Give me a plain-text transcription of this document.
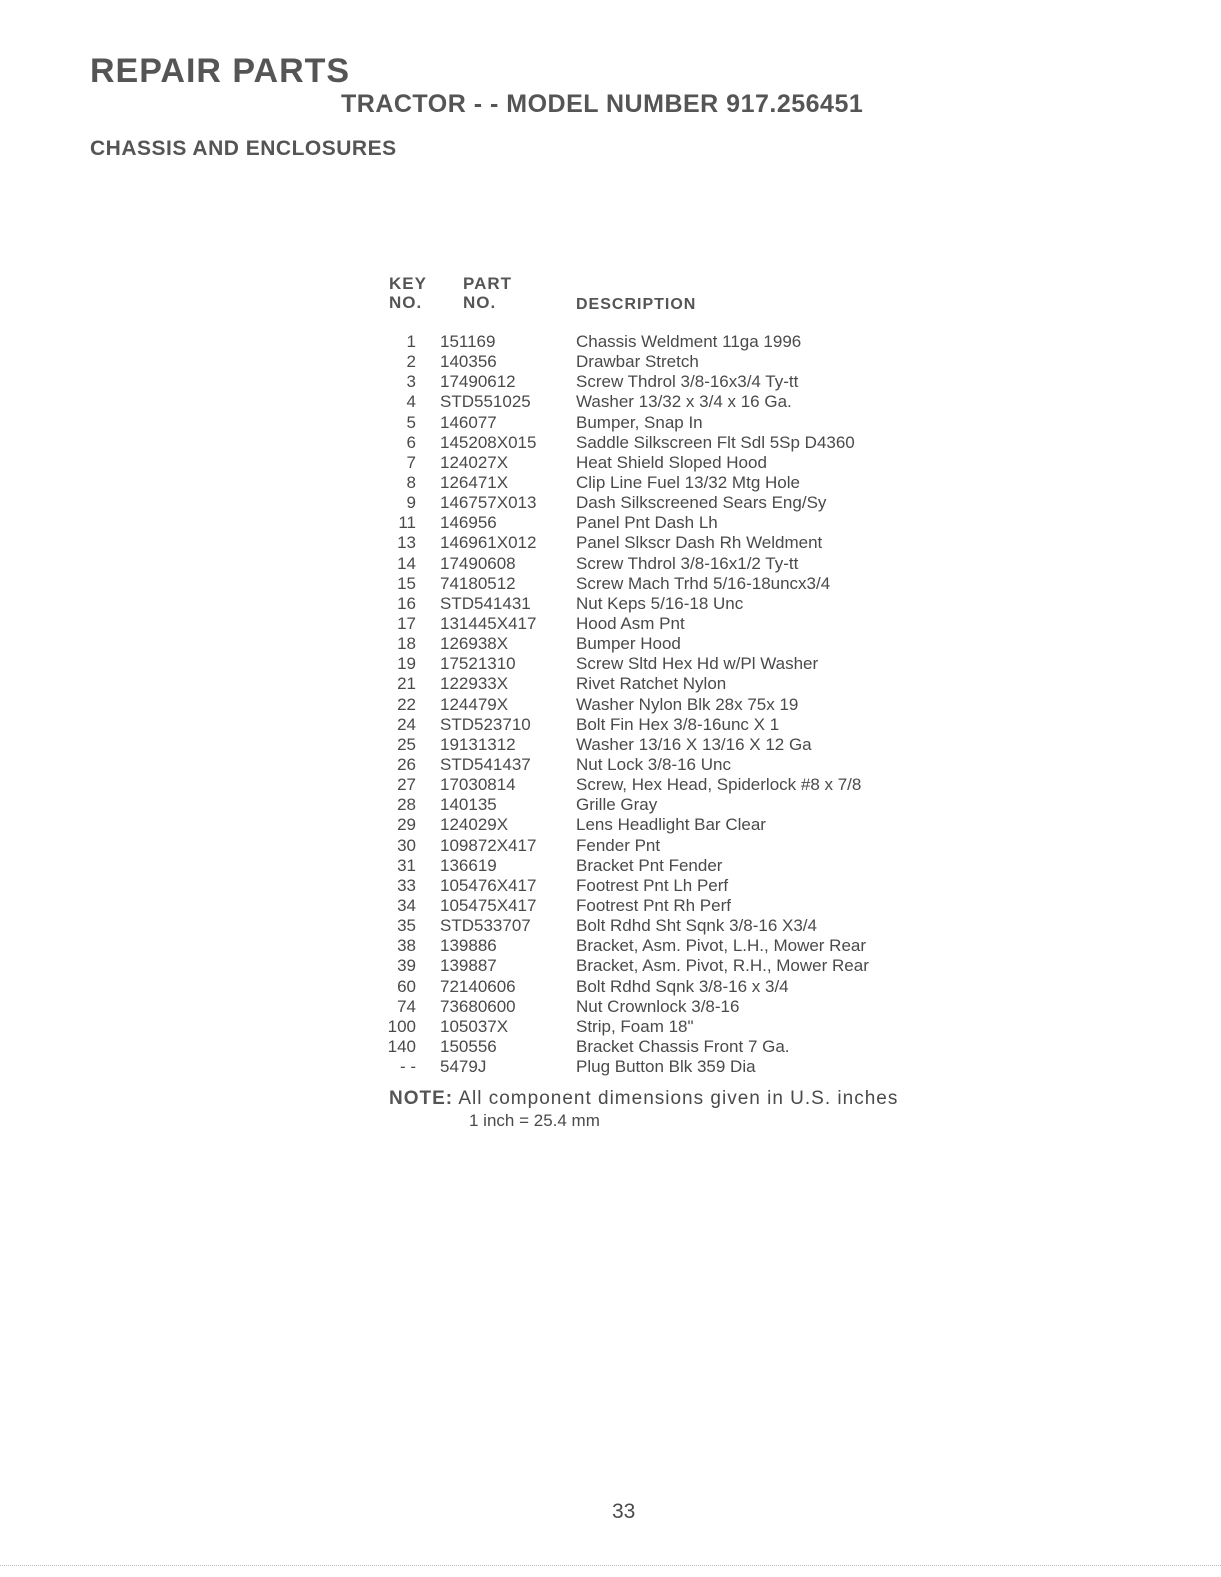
REPAIR PARTS
TRACTOR - - MODEL NUMBER 917.256451
CHASSIS AND ENCLOSURES
KEY
NO.
PART
NO.	DESCRIPTION
1 151169	Chassis Weldment 11ga 1996
2 140356	Drawbar Stretch
3 17490612	Screw Thdrol 3/8-16x3/4 Ty-tt
4 STD551025	Washer 13/32 x 3/4 x 16 Ga.
5 146077	Bumper, Snap In
6 145208X015 Saddle Silkscreen Flt Sdl 5Sp D4360
7 124027X	Heat Shield Sloped Hood
8 126471X	Clip Line Fuel 13/32 Mtg Hole
9 146757X013 Dash Silkscreened Sears Eng/Sy
11 146956	Panel Pnt Dash Lh
13 146961X012 Panel Slkscr Dash Rh Weldment
14 17490608	Screw Thdrol 3/8-16x1/2 Ty-tt
15 74180512	Screw Mach Trhd 5/16-18uncx3/4
16 STD541431	Nut Keps 5/16-18 Unc
17 131445X417 Hood Asm Pnt
18 126938X	Bumper Hood
19 17521310	Screw Sltd Hex Hd w/Pl Washer
21 122933X	Rivet Ratchet Nylon
22 124479X	Washer Nylon Blk 28x 75x 19
24 STD523710	Bolt Fin Hex 3/8-16unc X 1
25 19131312	Washer 13/16 X 13/16 X 12 Ga
26 STD541437	Nut Lock 3/8-16 Unc
27 17030814	Screw, Hex Head, Spiderlock #8 x 7/8
28 140135	Grille Gray
29 124029X	Lens Headlight Bar Clear
30 109872X417 Fender Pnt
31 136619	Bracket Pnt Fender
33 105476X417 Footrest Pnt Lh Perf
34 105475X417 Footrest Pnt Rh Perf
35 STD533707	Bolt Rdhd Sht Sqnk 3/8-16 X3/4
38 139886	Bracket, Asm. Pivot, L.H., Mower Rear
39 139887	Bracket, Asm. Pivot, R.H., Mower Rear
60 72140606	Bolt Rdhd Sqnk 3/8-16 x 3/4
74 73680600	Nut Crownlock 3/8-16
100 105037X	Strip, Foam 18"
140 150556	Bracket Chassis Front 7 Ga.
- - 5479J	Plug Button Blk 359 Dia
NOTE: All component dimensions given in U.S. inches
1 inch = 25.4 mm
33
